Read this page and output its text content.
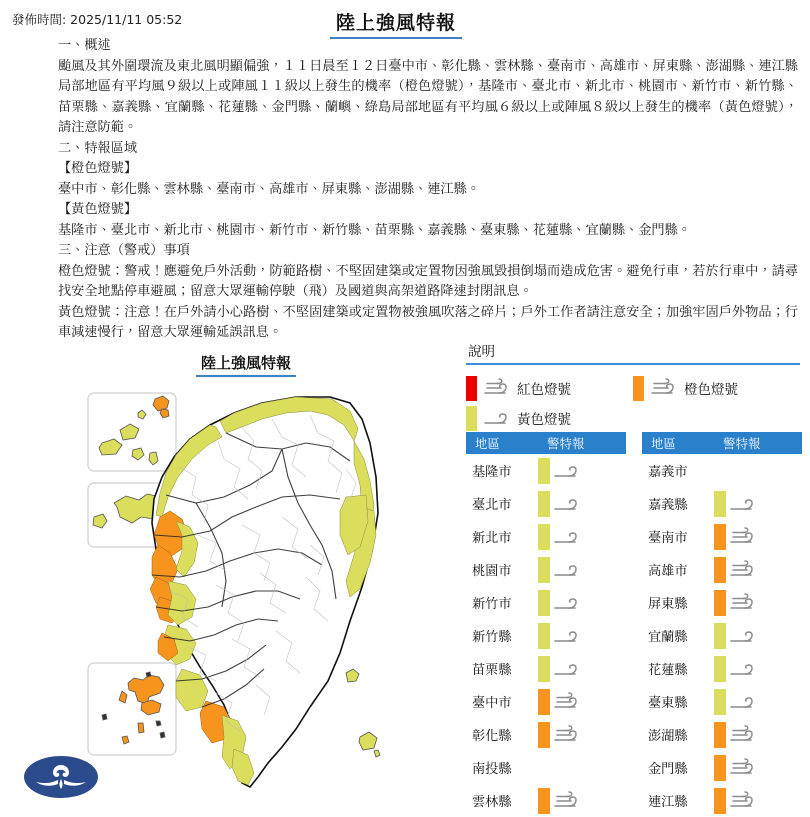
發佈時間: 2025/11/11 05:52	陸上強風特報

一、概述

颱風及其外圍環流及東北風明顯偏強，１１日晨至１２日臺中市、彰化縣、雲林縣、臺南市、高雄市、屏東縣、澎湖縣、連江縣局部地區有平均風９級以上或陣風１１級以上發生的機率（橙色燈號），基隆市、臺北市、新北市、桃園市、新竹市、新竹縣、苗栗縣、嘉義縣、宜蘭縣、花蓮縣、金門縣、蘭嶼、綠島局部地區有平均風６級以上或陣風８級以上發生的機率（黃色燈號），請注意防範。

二、特報區域

【橙色燈號】

臺中市、彰化縣、雲林縣、臺南市、高雄市、屏東縣、澎湖縣、連江縣。

【黃色燈號】

基隆市、臺北市、新北市、桃園市、新竹市、新竹縣、苗栗縣、嘉義縣、臺東縣、花蓮縣、宜蘭縣、金門縣。

三、注意（警戒）事項

橙色燈號：警戒！應避免戶外活動，防範路樹、不堅固建築或定置物因強風毀損倒塌而造成危害。避免行車，若於行車中，請尋找安全地點停車避風；留意大眾運輸停駛（飛）及國道與高架道路降速封閉訊息。

黃色燈號：注意！在戶外請小心路樹、不堅固建築或定置物被強風吹落之碎片；戶外工作者請注意安全；加強牢固戶外物品；行車減速慢行，留意大眾運輸延誤訊息。

陸上強風特報
說明
紅色燈號	橙色燈號
黃色燈號
地區	警特報
基隆市
臺北市
新北市
桃園市
新竹市
新竹縣
苗栗縣
臺中市
彰化縣
南投縣
雲林縣
地區	警特報
嘉義市
嘉義縣
臺南市
高雄市
屏東縣
宜蘭縣
花蓮縣
臺東縣
澎湖縣
金門縣
連江縣
